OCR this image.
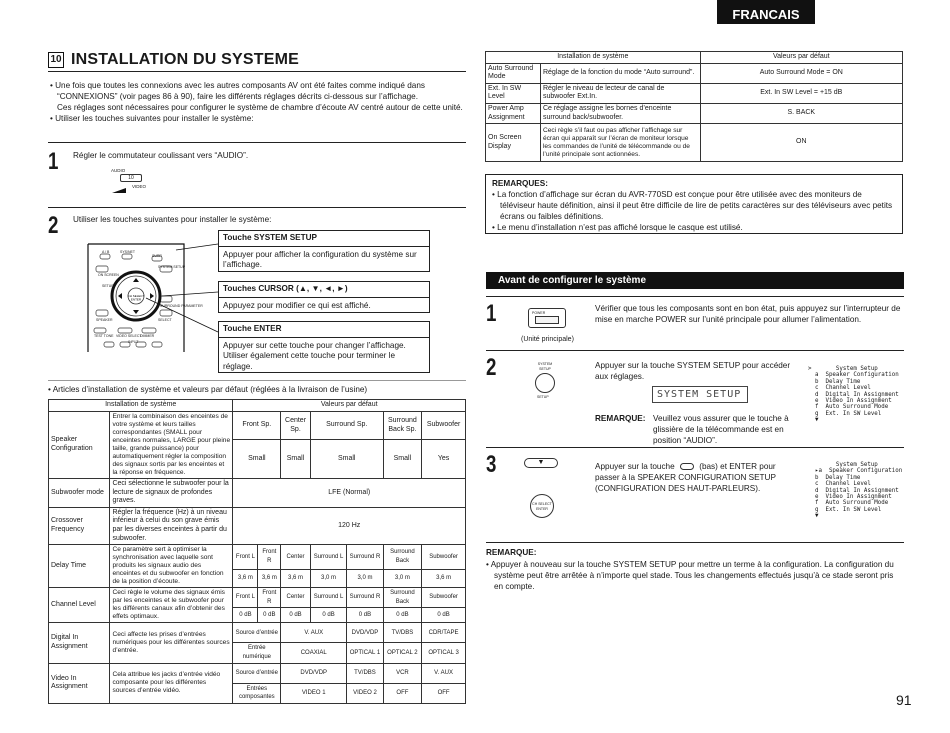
FRANCAIS
10 INSTALLATION DU SYSTEME

• Une fois que toutes les connexions avec les autres composants AV ont été faites comme indiqué dans “CONNEXIONS” (voir pages 86 à 90), faire les différents réglages décrits ci-dessous sur l’affichage.

Ces réglages sont nécessaires pour configurer le système de chambre d’écoute AV centré autour de cette unité.

• Utiliser les touches suivantes pour installer le système:

1 Régler le commutateur coulissant vers “AUDIO”.
AUDIO
10
VIDEO
2 Utiliser les touches suivantes pour installer le système:
CH SELECT
ENTER
A / B	SYS/NET
SURR
SYSTEM SETUP
ON SCREEN
SURROUND PARAMETER
SETUP
SPEAKER	SELECT
TEST TONE VIDEO SELECT
DIMMER
INPUT
Touche SYSTEM SETUP
Appuyer pour afficher la configuration du système sur l’affichage.
Touches CURSOR (▲, ▼, ◄, ►)
Appuyez pour modifier ce qui est affiché.
Touche ENTER
Appuyer sur cette touche pour changer l’affichage. Utiliser également cette touche pour terminer le réglage.
• Articles d’installation de système et valeurs par défaut (réglées à la livraison de l’usine)
Installation de système		Valeurs par défaut						
Speaker Configuration	Entrer la combinaison des enceintes de votre système et leurs tailles correspondantes (SMALL pour enceintes normales, LARGE pour pleine taille, grande puissance) pour automatiquement régler la composition des signaux sortis par les enceintes et la réponse en fréquence.	Front Sp.		Center Sp.	Surround Sp.		Surround Back Sp.	Subwoofer
		Small		Small	Small		Small	Yes
Subwoofer mode	Ceci sélectionne le subwoofer pour la lecture de signaux de profondes graves.	LFE (Normal)						
Crossover Frequency	Régler la fréquence (Hz) à un niveau inférieur à celui du son grave émis par les diverses enceintes à partir du subwoofer.	120 Hz						
Delay Time	Ce paramètre sert à optimiser la synchronisation avec laquelle sont produits les signaux audio des enceintes et du subwoofer en fonction de la position d’écoute.	Front L	Front R	Center	Surround L	Surround R	Surround Back	Subwoofer
		3,6 m	3,6 m	3,6 m	3,0 m	3,0 m	3,0 m	3,6 m
Channel Level	Ceci règle le volume des signaux émis par les enceintes et le subwoofer pour les différents canaux afin d’obtenir des effets optimaux.	Front L	Front R	Center	Surround L	Surround R	Surround Back	Subwoofer
		0 dB	0 dB	0 dB	0 dB	0 dB	0 dB	0 dB
Digital In Assignment	Ceci affecte les prises d’entrées numériques pour les différentes sources d’entrée.	Source d’entrée		V. AUX		DVD/VDP	TV/DBS	CDR/TAPE
		Entrée numérique		COAXIAL		OPTICAL 1	OPTICAL 2	OPTICAL 3
Video In Assignment	Cela attribue les jacks d’entrée vidéo composante pour les différentes sources d’entrée vidéo.	Source d’entrée		DVD/VDP		TV/DBS	VCR	V. AUX
		Entrées composantes		VIDEO 1		VIDEO 2	OFF	OFF
Installation de système		Valeurs par défaut
Auto Surround Mode	Réglage de la fonction du mode “Auto surround”.	Auto Surround Mode = ON
Ext. In SW Level	Régler le niveau de lecteur de canal de subwoofer Ext.In.	Ext. In SW Level = +15 dB
Power Amp Assignment	Ce réglage assigne les bornes d’enceinte surround back/subwoofer.	S. BACK
On Screen Display	Ceci règle s’il faut ou pas afficher l’affichage sur écran qui apparaît sur l’écran de moniteur lorsque les commandes de l’unité de télécommande ou de l’unité principale sont actionnées.	ON
REMARQUES:
• La fonction d’affichage sur écran du AVR-770SD est conçue pour être utilisée avec des moniteurs de téléviseur haute définition, ainsi il peut être difficile de lire de petits caractères sur des téléviseurs avec petits écrans ou faibles définitions.
• Le menu d’installation n’est pas affiché lorsque le casque est utilisé.
Avant de configurer le système
1	POWER
(Unité principale)
Vérifier que tous les composants sont en bon état, puis appuyez sur l’interrupteur de mise en marche POWER sur l’unité principale pour allumer l’alimentation.
2	SYSTEM SETUP
SETUP
Appuyer sur la touche SYSTEM SETUP pour accéder aux réglages.
SYSTEM SETUP
REMARQUE: Veuillez vous assurer que le touche à glissière de la télécommande est en position “AUDIO”.
>       System Setup
a  Speaker Configuration
b  Delay Time
c  Channel Level
d  Digital In Assignment
e  Video In Assignment
f  Auto Surround Mode
g  Ext. In SW Level
▼
3	▼
CH SELECT ENTER
Appuyer sur la touche	(bas) et ENTER pour passer à la SPEAKER CONFIGURATION SETUP (CONFIGURATION DES HAUT-PARLEURS).
System Setup
▸a  Speaker Configuration
b  Delay Time
c  Channel Level
d  Digital In Assignment
e  Video In Assignment
f  Auto Surround Mode
g  Ext. In SW Level
▼
REMARQUE:
• Appuyer à nouveau sur la touche SYSTEM SETUP pour mettre un terme à la configuration. La configuration du système peut être arrêtée à n’importe quel stade. Tous les changements effectués jusqu’à ce stade seront pris en compte.
91
